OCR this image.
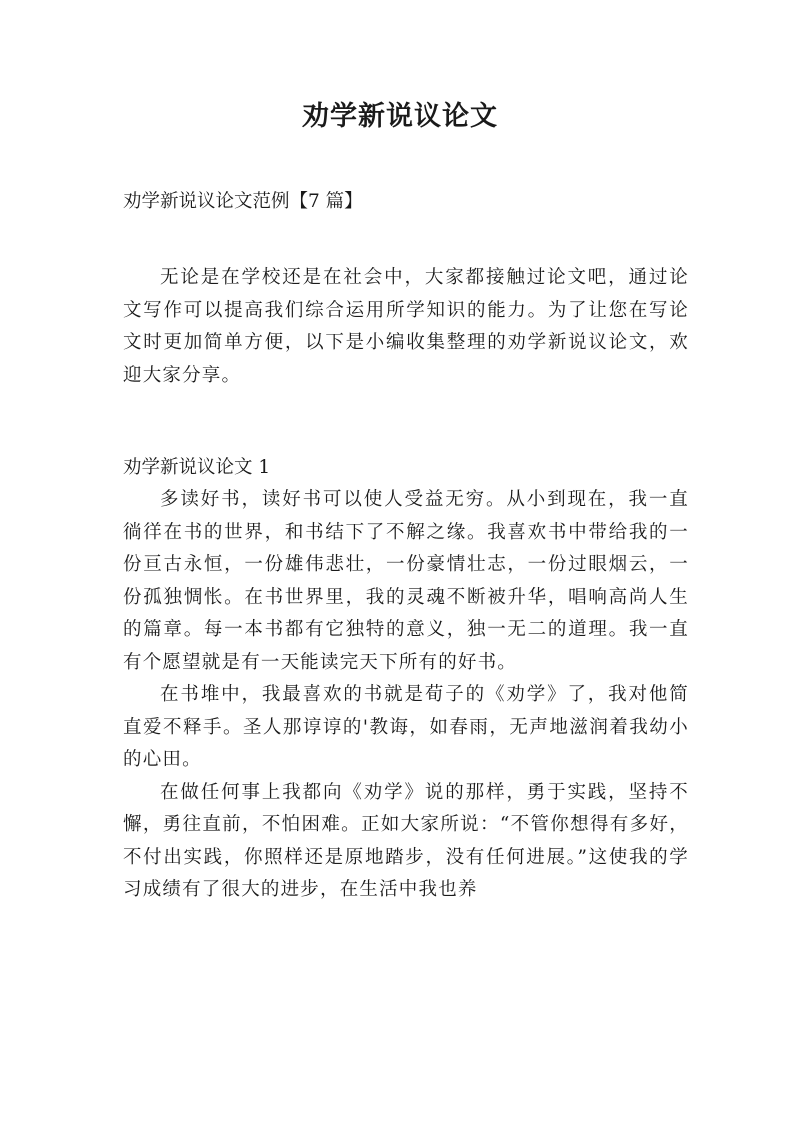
劝学新说议论文

劝学新说议论文范例【7 篇】

无论是在学校还是在社会中，大家都接触过论文吧，通过论文写作可以提高我们综合运用所学知识的能力。为了让您在写论文时更加简单方便，以下是小编收集整理的劝学新说议论文，欢迎大家分享。

劝学新说议论文 1

多读好书，读好书可以使人受益无穷。从小到现在，我一直徜徉在书的世界，和书结下了不解之缘。我喜欢书中带给我的一份亘古永恒，一份雄伟悲壮，一份豪情壮志，一份过眼烟云，一份孤独惆怅。在书世界里，我的灵魂不断被升华，唱响高尚人生的篇章。每一本书都有它独特的意义，独一无二的道理。我一直有个愿望就是有一天能读完天下所有的好书。

在书堆中，我最喜欢的书就是荀子的《劝学》了，我对他简直爱不释手。圣人那谆谆的'教诲，如春雨，无声地滋润着我幼小的心田。

在做任何事上我都向《劝学》说的那样，勇于实践，坚持不懈，勇往直前，不怕困难。正如大家所说：“不管你想得有多好，不付出实践，你照样还是原地踏步，没有任何进展。”这使我的学习成绩有了很大的进步，在生活中我也养
